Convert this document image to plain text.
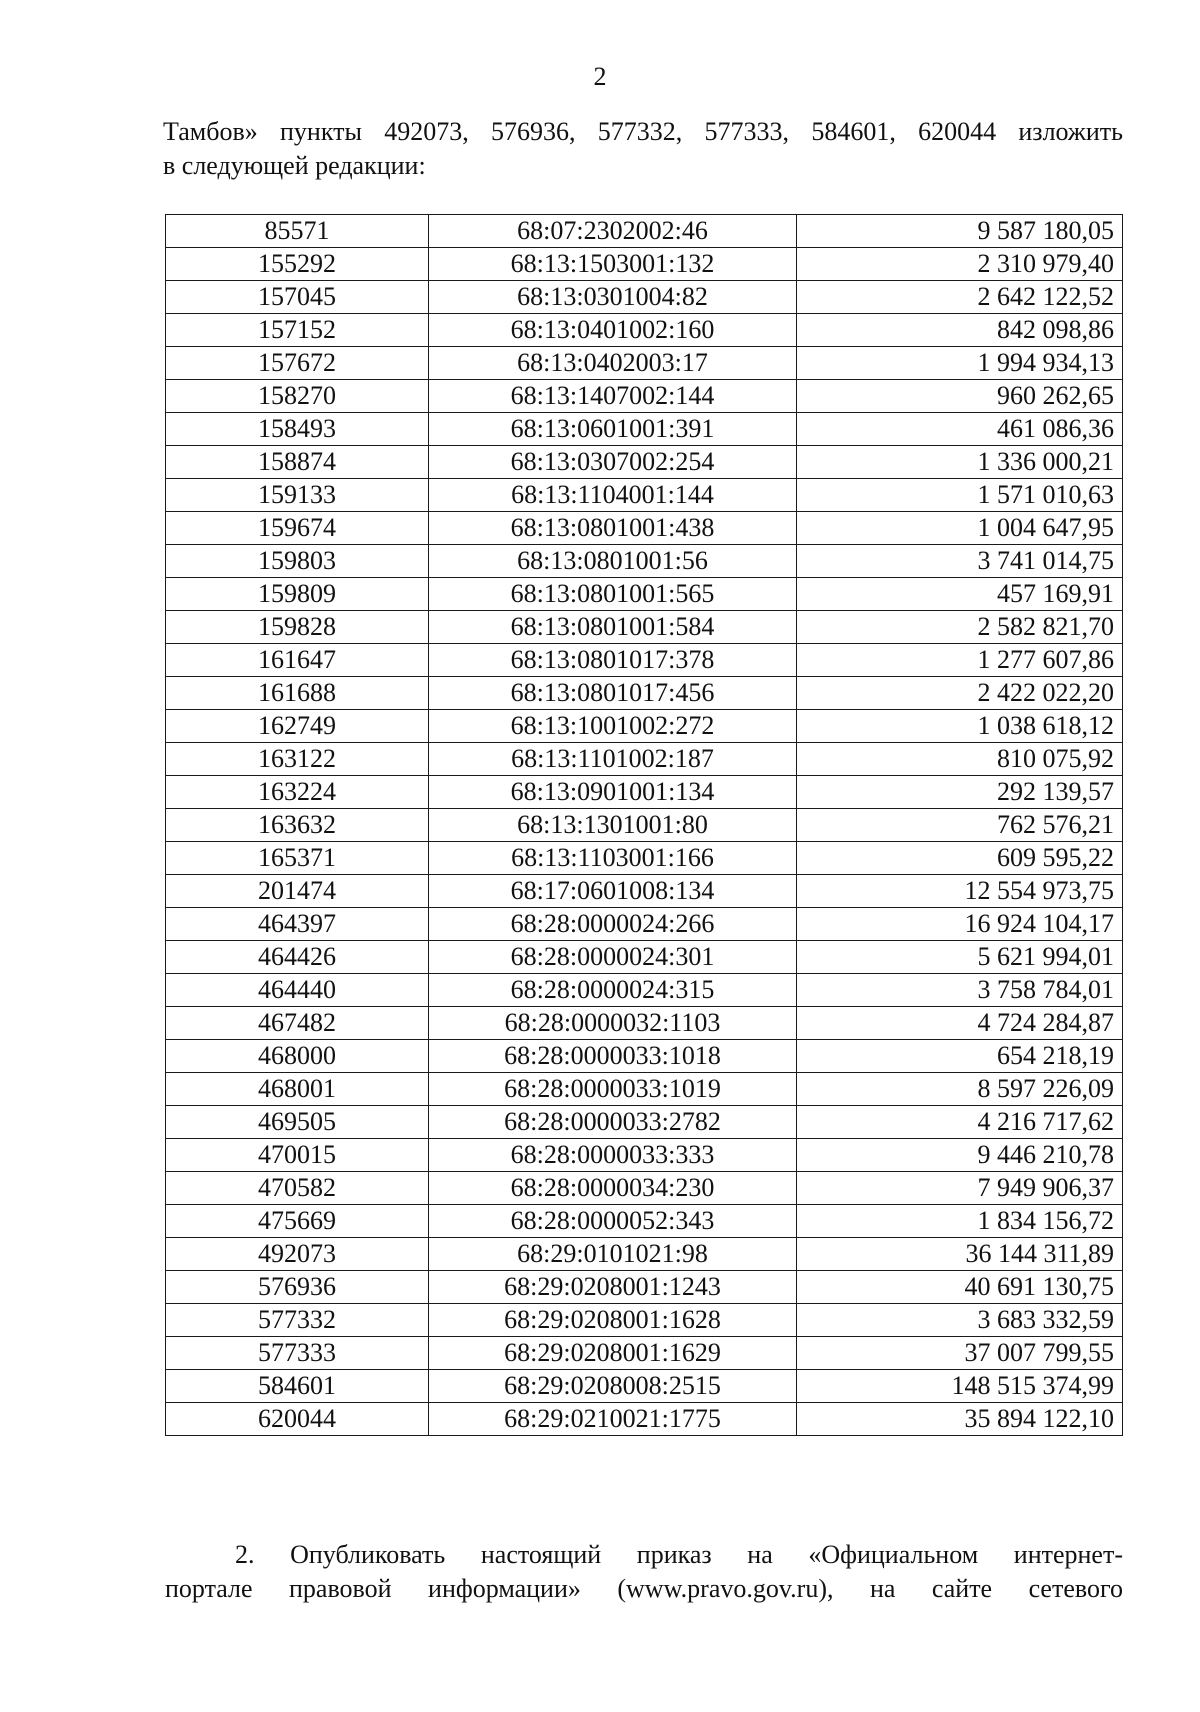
2
Тамбов» пункты 492073, 576936, 577332, 577333, 584601, 620044 изложить
в следующей редакции:
85571	68:07:2302002:46	9 587 180,05
155292	68:13:1503001:132	2 310 979,40
157045	68:13:0301004:82	2 642 122,52
157152	68:13:0401002:160	842 098,86
157672	68:13:0402003:17	1 994 934,13
158270	68:13:1407002:144	960 262,65
158493	68:13:0601001:391	461 086,36
158874	68:13:0307002:254	1 336 000,21
159133	68:13:1104001:144	1 571 010,63
159674	68:13:0801001:438	1 004 647,95
159803	68:13:0801001:56	3 741 014,75
159809	68:13:0801001:565	457 169,91
159828	68:13:0801001:584	2 582 821,70
161647	68:13:0801017:378	1 277 607,86
161688	68:13:0801017:456	2 422 022,20
162749	68:13:1001002:272	1 038 618,12
163122	68:13:1101002:187	810 075,92
163224	68:13:0901001:134	292 139,57
163632	68:13:1301001:80	762 576,21
165371	68:13:1103001:166	609 595,22
201474	68:17:0601008:134	12 554 973,75
464397	68:28:0000024:266	16 924 104,17
464426	68:28:0000024:301	5 621 994,01
464440	68:28:0000024:315	3 758 784,01
467482	68:28:0000032:1103	4 724 284,87
468000	68:28:0000033:1018	654 218,19
468001	68:28:0000033:1019	8 597 226,09
469505	68:28:0000033:2782	4 216 717,62
470015	68:28:0000033:333	9 446 210,78
470582	68:28:0000034:230	7 949 906,37
475669	68:28:0000052:343	1 834 156,72
492073	68:29:0101021:98	36 144 311,89
576936	68:29:0208001:1243	40 691 130,75
577332	68:29:0208001:1628	3 683 332,59
577333	68:29:0208001:1629	37 007 799,55
584601	68:29:0208008:2515	148 515 374,99
620044	68:29:0210021:1775	35 894 122,10
2. Опубликовать настоящий приказ на «Официальном интернет-
портале правовой информации» (www.pravo.gov.ru), на сайте сетевого
